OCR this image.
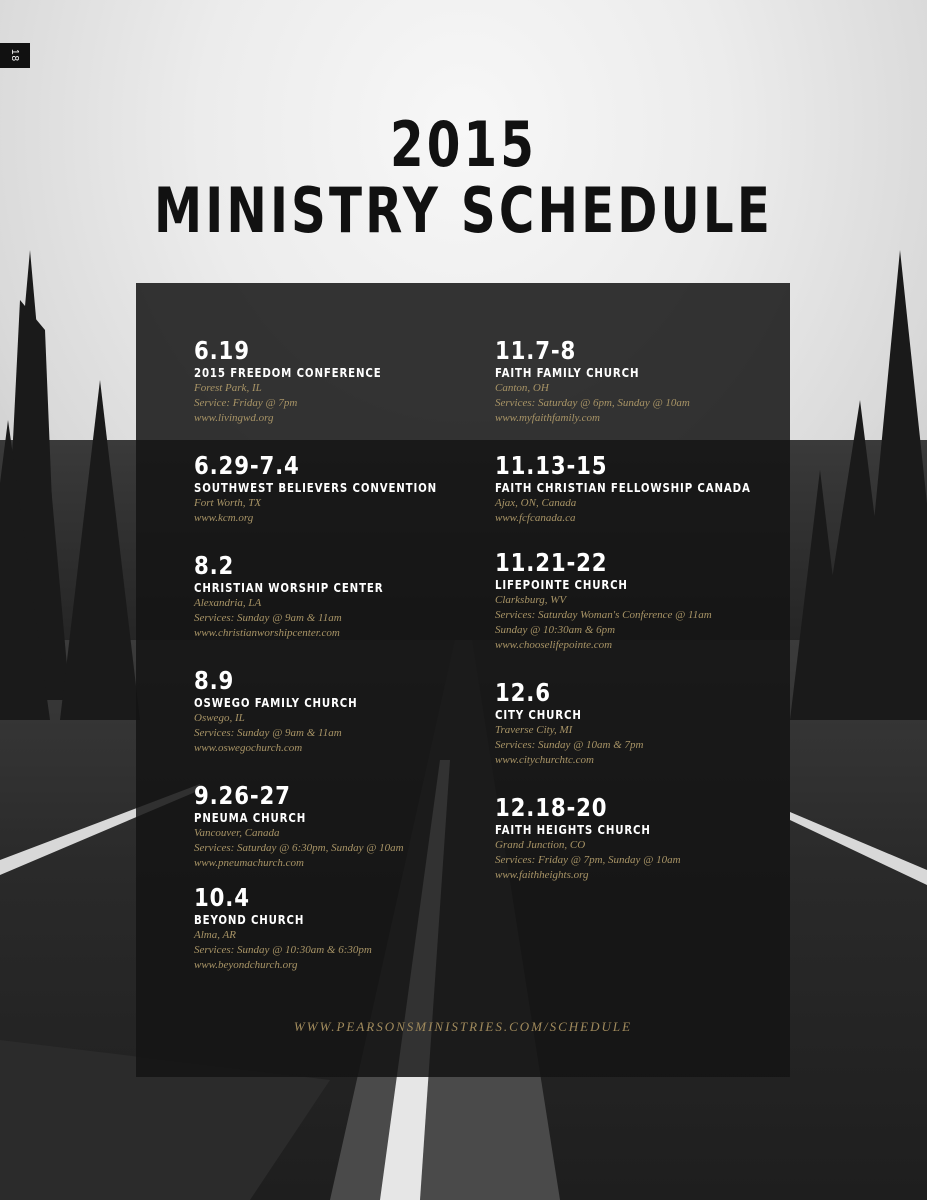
18
2015
MINISTRY SCHEDULE
6.19
2015 FREEDOM CONFERENCE
Forest Park, IL
Service: Friday @ 7pm
www.livingwd.org
6.29-7.4
SOUTHWEST BELIEVERS CONVENTION
Fort Worth, TX
www.kcm.org
8.2
CHRISTIAN WORSHIP CENTER
Alexandria, LA
Services: Sunday @ 9am & 11am
www.christianworshipcenter.com
8.9
OSWEGO FAMILY CHURCH
Oswego, IL
Services: Sunday @ 9am & 11am
www.oswegochurch.com
9.26-27
PNEUMA CHURCH
Vancouver, Canada
Services: Saturday @ 6:30pm, Sunday @ 10am
www.pneumachurch.com
10.4
BEYOND CHURCH
Alma, AR
Services: Sunday @ 10:30am & 6:30pm
www.beyondchurch.org
11.7-8
FAITH FAMILY CHURCH
Canton, OH
Services: Saturday @ 6pm, Sunday @ 10am
www.myfaithfamily.com
11.13-15
FAITH CHRISTIAN FELLOWSHIP CANADA
Ajax, ON, Canada
www.fcfcanada.ca
11.21-22
LIFEPOINTE CHURCH
Clarksburg, WV
Services: Saturday Woman's Conference @ 11am
Sunday @ 10:30am & 6pm
www.chooselifepointe.com
12.6
CITY CHURCH
Traverse City, MI
Services: Sunday @ 10am & 7pm
www.citychurchtc.com
12.18-20
FAITH HEIGHTS CHURCH
Grand Junction, CO
Services: Friday @ 7pm, Sunday @ 10am
www.faithheights.org
WWW.PEARSONSMINISTRIES.COM/SCHEDULE
